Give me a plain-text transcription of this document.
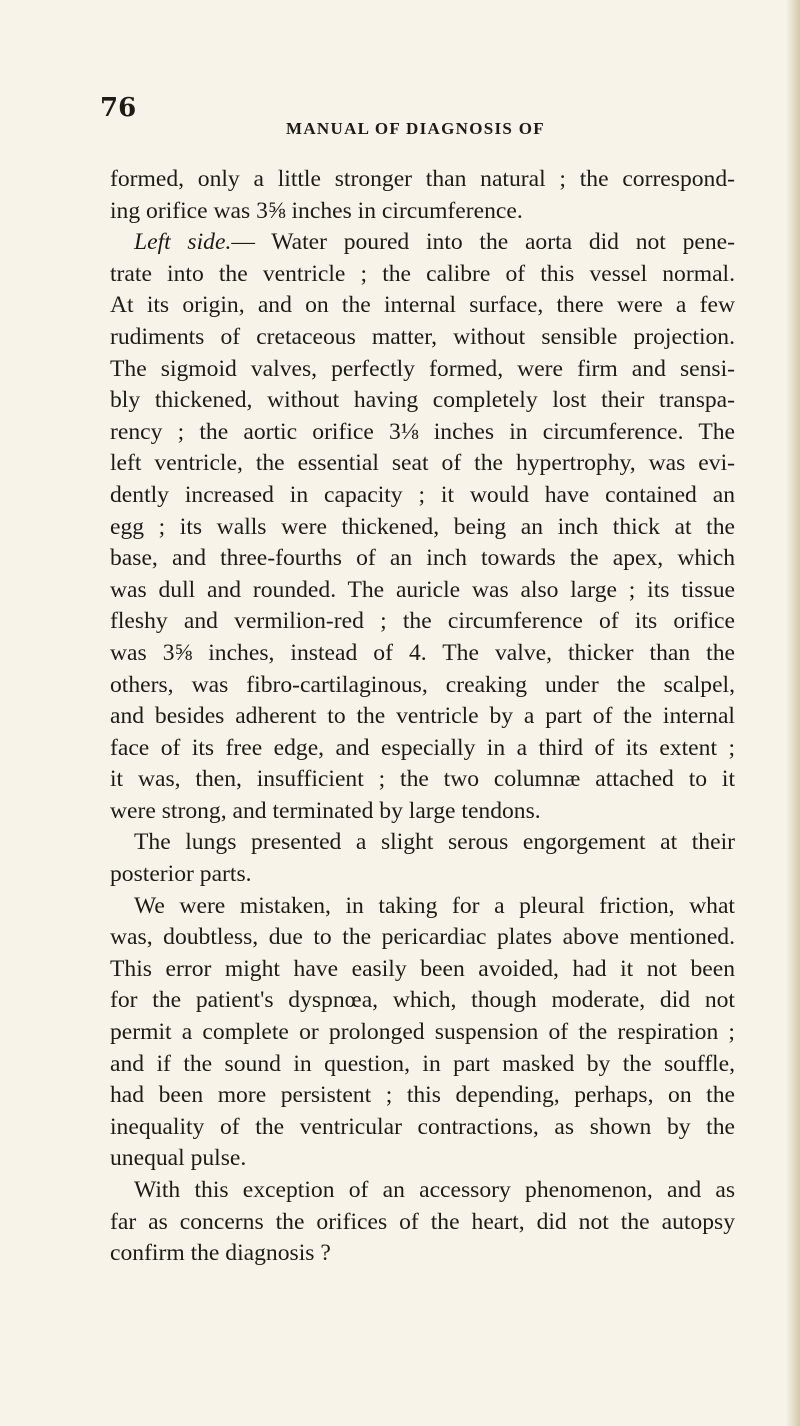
76
MANUAL OF DIAGNOSIS OF
formed, only a little stronger than natural ; the correspond-
ing orifice was 3⅝ inches in circumference.
Left side.— Water poured into the aorta did not pene-
trate into the ventricle ; the calibre of this vessel normal.
At its origin, and on the internal surface, there were a few
rudiments of cretaceous matter, without sensible projection.
The sigmoid valves, perfectly formed, were firm and sensi-
bly thickened, without having completely lost their transpa-
rency ; the aortic orifice 3⅛ inches in circumference. The
left ventricle, the essential seat of the hypertrophy, was evi-
dently increased in capacity ; it would have contained an
egg ; its walls were thickened, being an inch thick at the
base, and three-fourths of an inch towards the apex, which
was dull and rounded. The auricle was also large ; its tissue
fleshy and vermilion-red ; the circumference of its orifice
was 3⅝ inches, instead of 4. The valve, thicker than the
others, was fibro-cartilaginous, creaking under the scalpel,
and besides adherent to the ventricle by a part of the internal
face of its free edge, and especially in a third of its extent ;
it was, then, insufficient ; the two columnæ attached to it
were strong, and terminated by large tendons.
The lungs presented a slight serous engorgement at their
posterior parts.
We were mistaken, in taking for a pleural friction, what
was, doubtless, due to the pericardiac plates above mentioned.
This error might have easily been avoided, had it not been
for the patient's dyspnœa, which, though moderate, did not
permit a complete or prolonged suspension of the respiration ;
and if the sound in question, in part masked by the souffle,
had been more persistent ; this depending, perhaps, on the
inequality of the ventricular contractions, as shown by the
unequal pulse.
With this exception of an accessory phenomenon, and as
far as concerns the orifices of the heart, did not the autopsy
confirm the diagnosis ?
